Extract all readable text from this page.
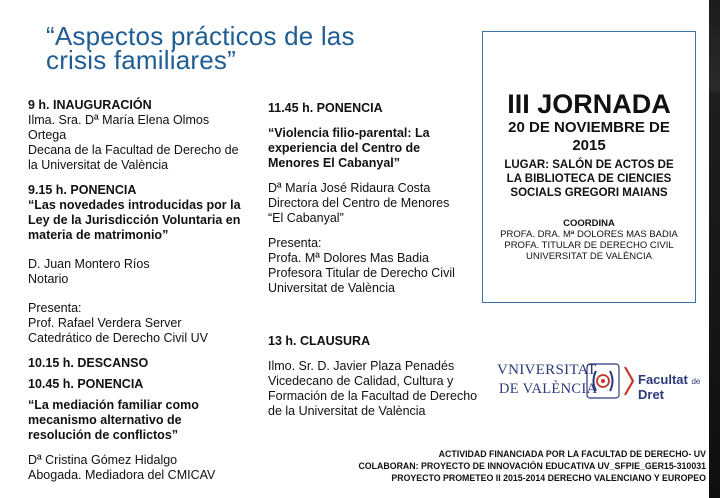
“Aspectos prácticos de las
crisis familiares”

9 h. INAUGURACIÓN

Ilma. Sra. Dª María Elena Olmos

Ortega

Decana de la Facultad de Derecho de

la Universitat de València

9.15 h. PONENCIA

“Las novedades introducidas por la

Ley de la Jurisdicción Voluntaria en

materia de matrimonio”

D. Juan Montero Ríos

Notario

Presenta:

Prof. Rafael Verdera Server

Catedrático de Derecho Civil UV

10.15 h. DESCANSO

10.45 h. PONENCIA

“La mediación familiar como

mecanismo alternativo de

resolución de conflictos”

Dª Cristina Gómez Hidalgo

Abogada. Mediadora del CMICAV

11.45 h. PONENCIA

“Violencia filio-parental: La

experiencia del Centro de

Menores El Cabanyal”

Dª María José Ridaura Costa

Directora del Centro de Menores

“El Cabanyal”

Presenta:

Profa. Mª Dolores Mas Badia

Profesora Titular de Derecho Civil

Universitat de València

13 h. CLAUSURA

Ilmo. Sr. D. Javier Plaza Penadés

Vicedecano de Calidad, Cultura y

Formación de la Facultad de Derecho

de la Universitat de València

III JORNADA
20 DE NOVIEMBRE DE
2015
LUGAR: SALÓN DE ACTOS DE
LA BIBLIOTECA DE CIENCIES
SOCIALS GREGORI MAIANS
COORDINA
PROFA. DRA. Mª DOLORES MAS BADIA
PROFA. TITULAR DE DERECHO CIVIL
UNIVERSITAT DE VALÈNCIA
VNIVERSITAT
DE VALÈNCIA
Facultat de Dret
ACTIVIDAD FINANCIADA POR LA FACULTAD DE DERECHO- UV
COLABORAN: PROYECTO DE INNOVACIÓN EDUCATIVA UV_SFPIE_GER15-310031
PROYECTO PROMETEO II 2015-2014 DERECHO VALENCIANO Y EUROPEO
